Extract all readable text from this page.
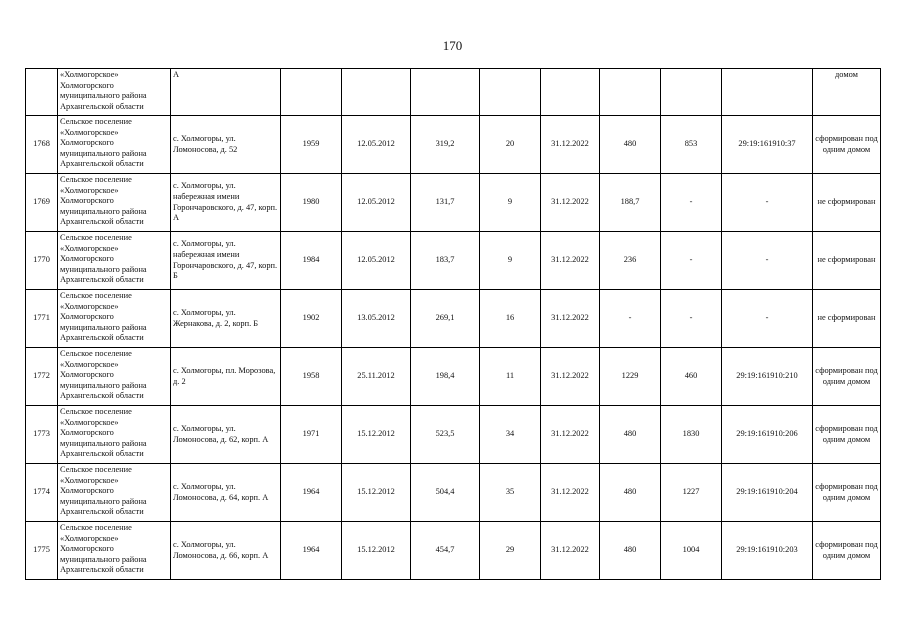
170
	«Холмогорское» Холмогорского муниципального района Архангельской области	А									домом
1768	Сельское поселение «Холмогорское» Холмогорского муниципального района Архангельской области	с. Холмогоры, ул. Ломоносова, д. 52	1959	12.05.2012	319,2	20	31.12.2022	480	853	29:19:161910:37	сформирован под одним домом
1769	Сельское поселение «Холмогорское» Холмогорского муниципального района Архангельской области	с. Холмогоры, ул. набережная имени Горончаровского, д. 47, корп. А	1980	12.05.2012	131,7	9	31.12.2022	188,7	-	-	не сформирован
1770	Сельское поселение «Холмогорское» Холмогорского муниципального района Архангельской области	с. Холмогоры, ул. набережная имени Горончаровского, д. 47, корп. Б	1984	12.05.2012	183,7	9	31.12.2022	236	-	-	не сформирован
1771	Сельское поселение «Холмогорское» Холмогорского муниципального района Архангельской области	с. Холмогоры, ул. Жернакова, д. 2, корп. Б	1902	13.05.2012	269,1	16	31.12.2022	-	-	-	не сформирован
1772	Сельское поселение «Холмогорское» Холмогорского муниципального района Архангельской области	с. Холмогоры, пл. Морозова, д. 2	1958	25.11.2012	198,4	11	31.12.2022	1229	460	29:19:161910:210	сформирован под одним домом
1773	Сельское поселение «Холмогорское» Холмогорского муниципального района Архангельской области	с. Холмогоры, ул. Ломоносова, д. 62, корп. А	1971	15.12.2012	523,5	34	31.12.2022	480	1830	29:19:161910:206	сформирован под одним домом
1774	Сельское поселение «Холмогорское» Холмогорского муниципального района Архангельской области	с. Холмогоры, ул. Ломоносова, д. 64, корп. А	1964	15.12.2012	504,4	35	31.12.2022	480	1227	29:19:161910:204	сформирован под одним домом
1775	Сельское поселение «Холмогорское» Холмогорского муниципального района Архангельской области	с. Холмогоры, ул. Ломоносова, д. 66, корп. А	1964	15.12.2012	454,7	29	31.12.2022	480	1004	29:19:161910:203	сформирован под одним домом
